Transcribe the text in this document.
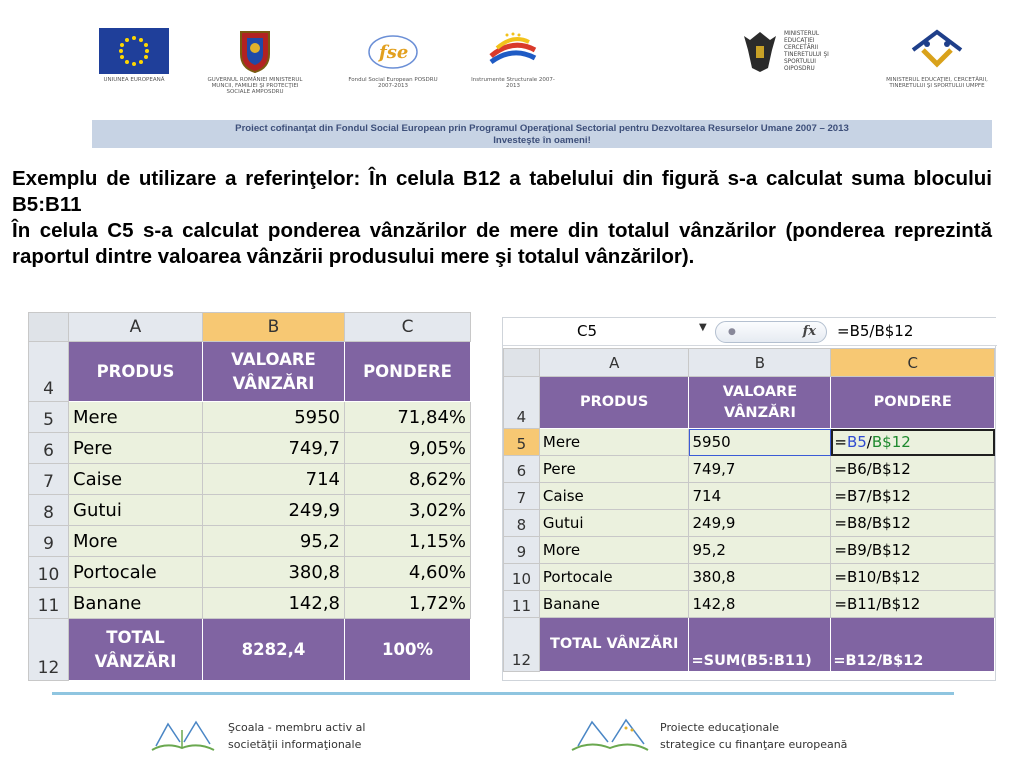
UNIUNEA EUROPEANĂ	GUVERNUL ROMÂNIEI MINISTERUL MUNCII, FAMILIEI ŞI PROTECŢIEI SOCIALE AMPOSDRU
fse
Fondul Social European POSDRU 2007-2013
Instrumente Structurale 2007-2013
MINISTERUL EDUCAŢIEI CERCETĂRII TINERETULUI ŞI SPORTULUI OIPOSDRU
MINISTERUL EDUCAŢIEI, CERCETĂRII, TINERETULUI ŞI SPORTULUI UMPFE
Proiect cofinanţat din Fondul Social European prin Programul Operaţional Sectorial pentru Dezvoltarea Resurselor Umane 2007 – 2013
Investeşte în oameni!

Exemplu de utilizare a referinţelor: În celula B12 a tabelului din figură s-a calculat suma blocului B5:B11

În celula C5 s-a calculat ponderea vânzărilor de mere din totalul vânzărilor (ponderea reprezintă raportul dintre valoarea vânzării produsului mere şi totalul vânzărilor).

	A	B	C
4	PRODUS	VALOARE VÂNZĂRI	PONDERE
5	Mere	5950	71,84%
6	Pere	749,7	9,05%
7	Caise	714	8,62%
8	Gutui	249,9	3,02%
9	More	95,2	1,15%
10	Portocale	380,8	4,60%
11	Banane	142,8	1,72%
12	TOTAL VÂNZĂRI	8282,4	100%
C5	▼ ●	fx =B5/B$12
	A	B	C
4	PRODUS	VALOARE VÂNZĂRI	PONDERE
5	Mere	5950	=B5/B$12
6	Pere	749,7	=B6/B$12
7	Caise	714	=B7/B$12
8	Gutui	249,9	=B8/B$12
9	More	95,2	=B9/B$12
10	Portocale	380,8	=B10/B$12
11	Banane	142,8	=B11/B$12
12	TOTAL VÂNZĂRI	=SUM(B5:B11)	=B12/B$12
Şcoala - membru activ al
societăţii informaţionale
Proiecte educaţionale
strategice cu finanţare europeană
